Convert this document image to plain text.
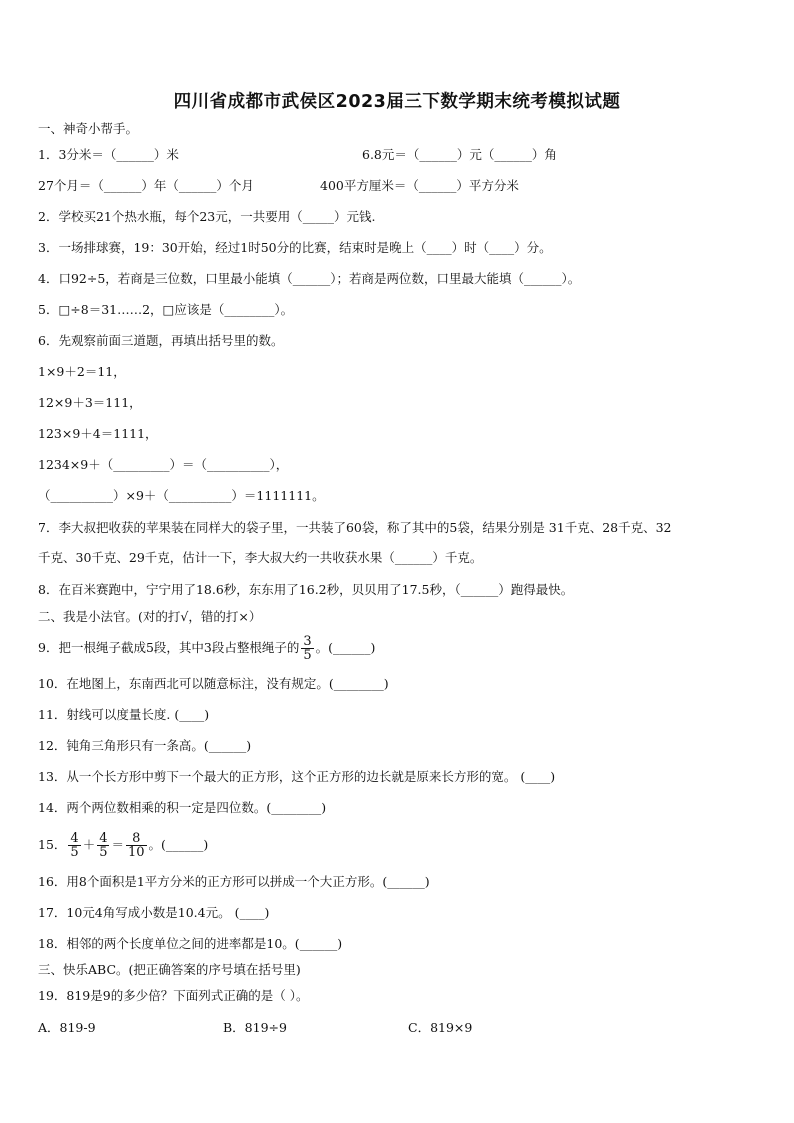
四川省成都市武侯区2023届三下数学期末统考模拟试题
一、神奇小帮手。
1．3分米＝（______）米	6.8元＝（______）元（______）角
27个月＝（______）年（______）个月	400平方厘米＝（______）平方分米
2．学校买21个热水瓶，每个23元，一共要用（_____）元钱.
3．一场排球赛，19：30开始，经过1时50分的比赛，结束时是晚上（____）时（____）分。
4．口92÷5，若商是三位数，口里最小能填（______）；若商是两位数，口里最大能填（______）。
5．□÷8＝31……2，□应该是（________）。
6．先观察前面三道题，再填出括号里的数。
1×9＋2＝11，
12×9＋3＝111，
123×9＋4＝1111，
1234×9＋（_________）＝（__________），
（__________）×9＋（__________）＝1111111。
7．李大叔把收获的苹果装在同样大的袋子里，一共装了60袋，称了其中的5袋，结果分别是 31千克、28千克、32
千克、30千克、29千克，估计一下，李大叔大约一共收获水果（______）千克。
8．在百米赛跑中，宁宁用了18.6秒，东东用了16.2秒，贝贝用了17.5秒，（______）跑得最快。
二、我是小法官。(对的打√，错的打×）
9．把一根绳子截成5段，其中3段占整根绳子的 $\frac{3}{5}$ 。(______)
10．在地图上，东南西北可以随意标注，没有规定。(________)
11．射线可以度量长度. (____)
12．钝角三角形只有一条高。(______)
13．从一个长方形中剪下一个最大的正方形，这个正方形的边长就是原来长方形的宽。 (____)
14．两个两位数相乘的积一定是四位数。(________)
15． $\frac{4}{5} + \frac{4}{5} = \frac{8}{10}$ 。(______)
16．用8个面积是1平方分米的正方形可以拼成一个大正方形。(______)
17．10元4角写成小数是10.4元。 (____)
18．相邻的两个长度单位之间的进率都是10。(______)
三、快乐ABC。(把正确答案的序号填在括号里)
19．819是9的多少倍？下面列式正确的是（ ）。
A．819-9	B．819÷9	C．819×9
